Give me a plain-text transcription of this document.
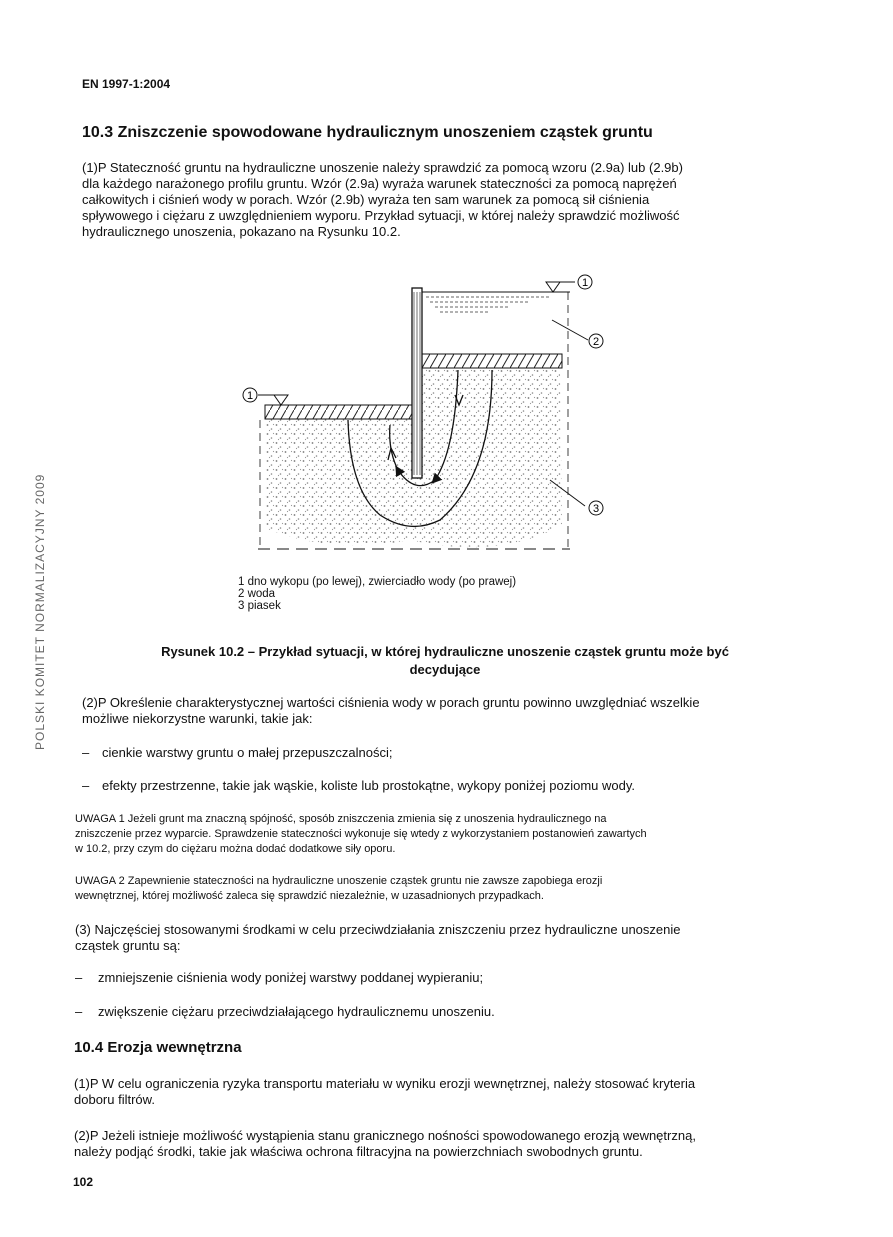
EN 1997-1:2004
POLSKI KOMITET NORMALIZACYJNY 2009
10.3 Zniszczenie spowodowane hydraulicznym unoszeniem cząstek gruntu
(1)P Stateczność gruntu na hydrauliczne unoszenie należy sprawdzić za pomocą wzoru (2.9a) lub (2.9b)
dla każdego narażonego profilu gruntu. Wzór (2.9a) wyraża warunek stateczności za pomocą naprężeń
całkowitych i ciśnień wody w porach. Wzór (2.9b) wyraża ten sam warunek za pomocą sił ciśnienia
spływowego i ciężaru z uwzględnieniem wyporu. Przykład sytuacji, w której należy sprawdzić możliwość
hydraulicznego unoszenia, pokazano na Rysunku 10.2.
1
2
3
1
1 dno wykopu (po lewej), zwierciadło wody (po prawej)
2 woda
3 piasek
Rysunek 10.2 – Przykład sytuacji, w której hydrauliczne unoszenie cząstek gruntu może być
decydujące
(2)P Określenie charakterystycznej wartości ciśnienia wody w porach gruntu powinno uwzględniać wszelkie
możliwe niekorzystne warunki, takie jak:
– cienkie warstwy gruntu o małej przepuszczalności;
– efekty przestrzenne, takie jak wąskie, koliste lub prostokątne, wykopy poniżej poziomu wody.
UWAGA 1 Jeżeli grunt ma znaczną spójność, sposób zniszczenia zmienia się z unoszenia hydraulicznego na
zniszczenie przez wyparcie. Sprawdzenie stateczności wykonuje się wtedy z wykorzystaniem postanowień zawartych
w 10.2, przy czym do ciężaru można dodać dodatkowe siły oporu.
UWAGA 2 Zapewnienie stateczności na hydrauliczne unoszenie cząstek gruntu nie zawsze zapobiega erozji
wewnętrznej, której możliwość zaleca się sprawdzić niezależnie, w uzasadnionych przypadkach.
(3) Najczęściej stosowanymi środkami w celu przeciwdziałania zniszczeniu przez hydrauliczne unoszenie
cząstek gruntu są:
– zmniejszenie ciśnienia wody poniżej warstwy poddanej wypieraniu;
– zwiększenie ciężaru przeciwdziałającego hydraulicznemu unoszeniu.
10.4 Erozja wewnętrzna
(1)P W celu ograniczenia ryzyka transportu materiału w wyniku erozji wewnętrznej, należy stosować kryteria
doboru filtrów.
(2)P Jeżeli istnieje możliwość wystąpienia stanu granicznego nośności spowodowanego erozją wewnętrzną,
należy podjąć środki, takie jak właściwa ochrona filtracyjna na powierzchniach swobodnych gruntu.
102
